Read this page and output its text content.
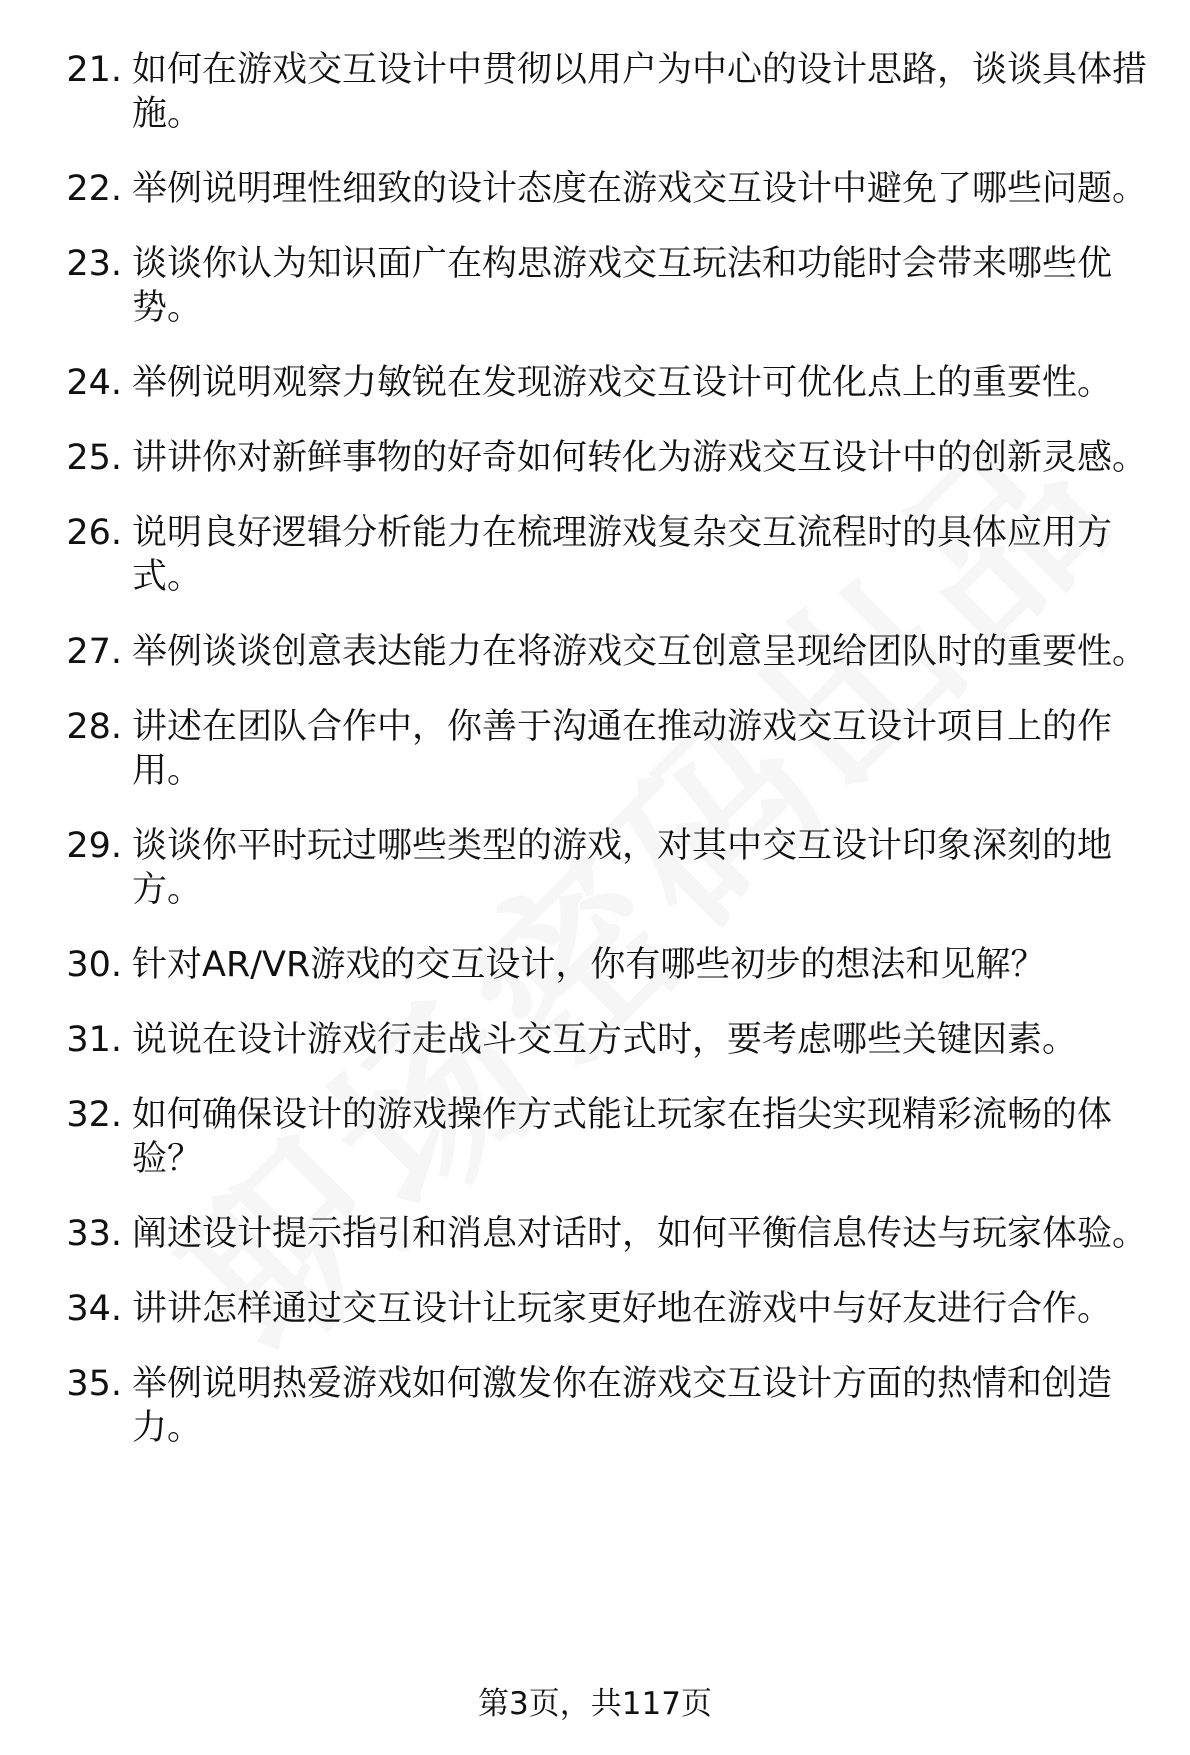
21. 如何在游戏交互设计中贯彻以用户为中心的设计思路，谈谈具体措施。
22. 举例说明理性细致的设计态度在游戏交互设计中避免了哪些问题。
23. 谈谈你认为知识面广在构思游戏交互玩法和功能时会带来哪些优势。
24. 举例说明观察力敏锐在发现游戏交互设计可优化点上的重要性。
25. 讲讲你对新鲜事物的好奇如何转化为游戏交互设计中的创新灵感。
26. 说明良好逻辑分析能力在梳理游戏复杂交互流程时的具体应用方式。
27. 举例谈谈创意表达能力在将游戏交互创意呈现给团队时的重要性。
28. 讲述在团队合作中，你善于沟通在推动游戏交互设计项目上的作用。
29. 谈谈你平时玩过哪些类型的游戏，对其中交互设计印象深刻的地方。
30. 针对AR/VR游戏的交互设计，你有哪些初步的想法和见解？
31. 说说在设计游戏行走战斗交互方式时，要考虑哪些关键因素。
32. 如何确保设计的游戏操作方式能让玩家在指尖实现精彩流畅的体验？
33. 阐述设计提示指引和消息对话时，如何平衡信息传达与玩家体验。
34. 讲讲怎样通过交互设计让玩家更好地在游戏中与好友进行合作。
35. 举例说明热爱游戏如何激发你在游戏交互设计方面的热情和创造力。
第3页，共117页
